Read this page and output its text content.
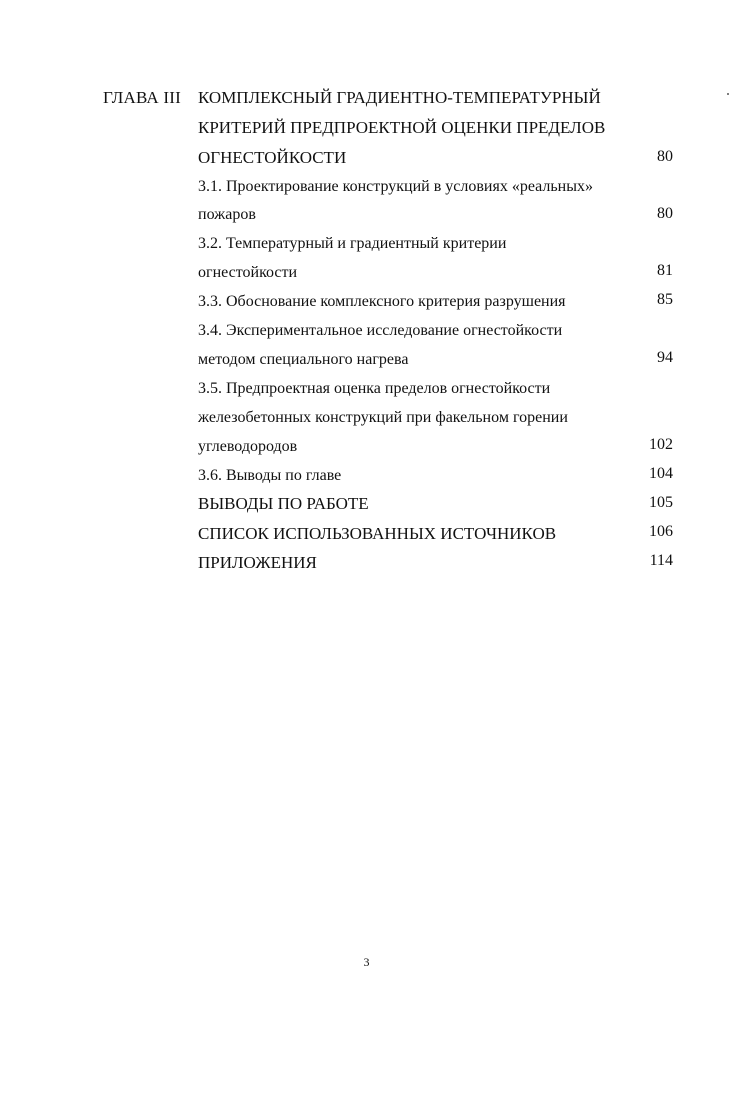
ГЛАВА III КОМПЛЕКСНЫЙ ГРАДИЕНТНО-ТЕМПЕРАТУРНЫЙ
КРИТЕРИЙ ПРЕДПРОЕКТНОЙ ОЦЕНКИ ПРЕДЕЛОВ
ОГНЕСТОЙКОСТИ	80
3.1. Проектирование конструкций в условиях «реальных»
пожаров	80
3.2. Температурный и градиентный критерии
огнестойкости	81
3.3. Обоснование комплексного критерия разрушения	85
3.4. Экспериментальное исследование огнестойкости
методом специального нагрева	94
3.5. Предпроектная оценка пределов огнестойкости
железобетонных конструкций при факельном горении
углеводородов	102
3.6. Выводы по главе	104
ВЫВОДЫ ПО РАБОТЕ	105
СПИСОК ИСПОЛЬЗОВАННЫХ ИСТОЧНИКОВ	106
ПРИЛОЖЕНИЯ	114
3
